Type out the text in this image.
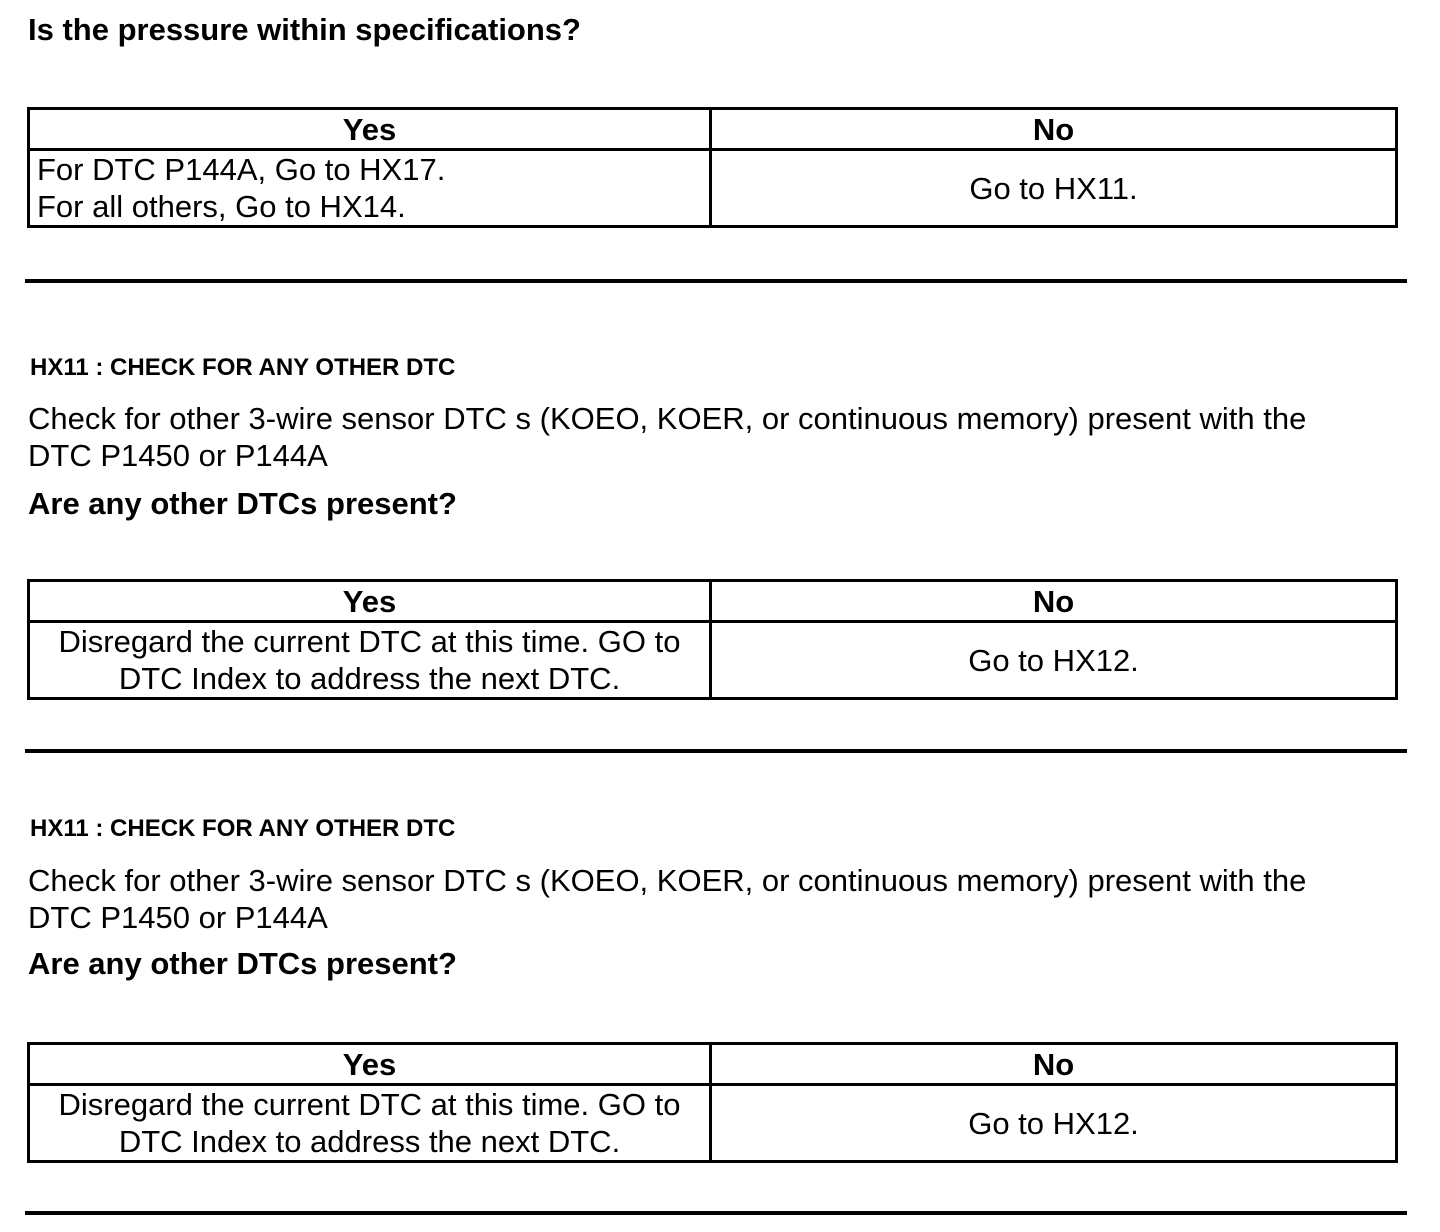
Is the pressure within specifications?
Yes	No

For DTC P144A, Go to HX17.
For all others, Go to HX14.	Go to HX11.
HX11 : CHECK FOR ANY OTHER DTC
Check for other 3-wire sensor DTC s (KOEO, KOER, or continuous memory) present with the
DTC P1450 or P144A
Are any other DTCs present?
Yes	No

Disregard the current DTC at this time. GO to
DTC Index to address the next DTC.	Go to HX12.
HX11 : CHECK FOR ANY OTHER DTC
Check for other 3-wire sensor DTC s (KOEO, KOER, or continuous memory) present with the
DTC P1450 or P144A
Are any other DTCs present?
Yes	No

Disregard the current DTC at this time. GO to
DTC Index to address the next DTC.	Go to HX12.
